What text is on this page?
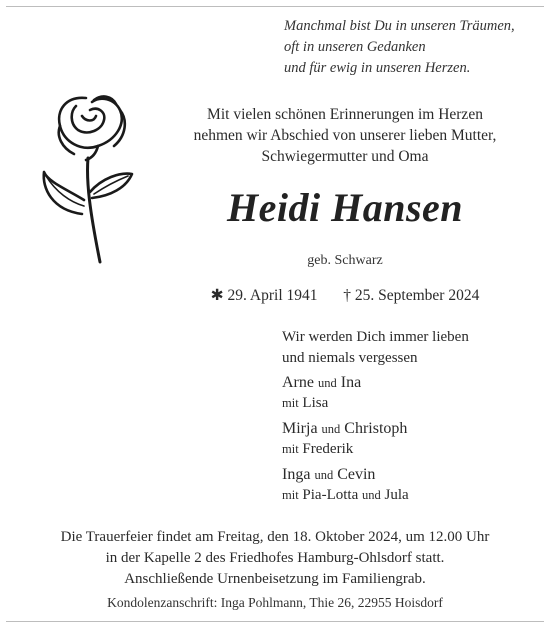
Manchmal bist Du in unseren Träumen,
oft in unseren Gedanken
und für ewig in unseren Herzen.
Mit vielen schönen Erinnerungen im Herzen
nehmen wir Abschied von unserer lieben Mutter,
Schwiegermutter und Oma
Heidi Hansen
geb. Schwarz
✱ 29. April 1941 † 25. September 2024
Wir werden Dich immer lieben
und niemals vergessen
Arne und Ina
mit Lisa
Mirja und Christoph
mit Frederik
Inga und Cevin
mit Pia-Lotta und Jula
Die Trauerfeier findet am Freitag, den 18. Oktober 2024, um 12.00 Uhr
in der Kapelle 2 des Friedhofes Hamburg-Ohlsdorf statt.
Anschließende Urnenbeisetzung im Familiengrab.
Kondolenzanschrift: Inga Pohlmann, Thie 26, 22955 Hoisdorf
